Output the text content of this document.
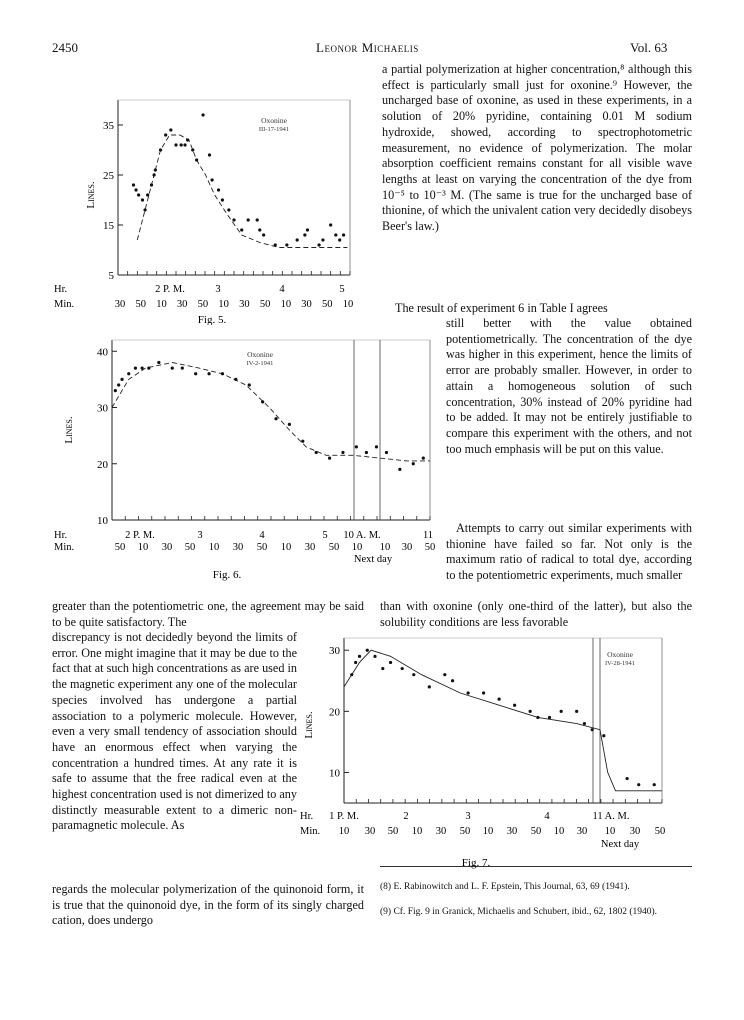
2450	Leonor Michaelis	Vol. 63

a partial polymerization at higher concentration,⁸ although this effect is particularly small just for oxonine.⁹ However, the uncharged base of oxonine, as used in these experiments, in a solution of 20% pyridine, containing 0.01 M sodium hydroxide, showed, according to spectrophotometric measurement, no evidence of polymerization. The molar absorption coefficient remains constant for all visible wave lengths at least on varying the concentration of the dye from 10⁻⁵ to 10⁻³ M. (The same is true for the uncharged base of thionine, of which the univalent cation very decidedly disobeys Beer's law.)

The result of experiment 6 in Table I agrees
still better with the value obtained potentiometrically. The concentration of the dye was higher in this experiment, hence the limits of error are probably smaller. However, in order to attain a homogeneous solution of such concentration, 30% instead of 20% pyridine had to be added. It may not be entirely justifiable to compare this experiment with the others, and not too much emphasis will be put on this value.
Attempts to carry out similar experiments with thionine have failed so far. Not only is the maximum ratio of radical to total dye, according to the potentiometric experiments, much smaller
greater than the potentiometric one, the agreement may be said to be quite satisfactory. The
than with oxonine (only one-third of the latter), but also the solubility conditions are less favorable
discrepancy is not decidedly beyond the limits of error. One might imagine that it may be due to the fact that at such high concentrations as are used in the magnetic experiment any one of the molecular species involved has undergone a partial association to a polymeric molecule. However, even a very small tendency of association should have an enormous effect when varying the concentration a hundred times. At any rate it is safe to assume that the free radical even at the highest concentration used is not dimerized to any distinctly measurable extent to a dimeric non-paramagnetic molecule. As
regards the molecular polymerization of the quinonoid form, it is true that the quinonoid dye, in the form of its singly charged cation, does undergo
(8) E. Rabinowitch and L. F. Epstein, This Journal, 63, 69 (1941).
(9) Cf. Fig. 9 in Granick, Michaelis and Schubert, ibid., 62, 1802 (1940).
35
25
15
5
Lines.
Oxonine
III-17-1941
Hr.	2 P. M.	3	4	5
Min.	30 50 10 30 50 10 30 50 10 30 50 10
Fig. 5.
40
30
20
10
Lines.
Oxonine
IV-2-1941
Hr.	2 P. M.	3	4	5 10 A. M.	11
Min.	50 10 30 50 10 30 50 10 30 50 10 10 30 50
Next day
Fig. 6.
30
20
10
Lines.
Oxonine
IV-28-1941
Hr. 1 P. M.	2	3	4	11 A. M.
Min. 10 30 50 10 30 50 10 30 50 10 30 10 30 50
Next day
Fig. 7.
